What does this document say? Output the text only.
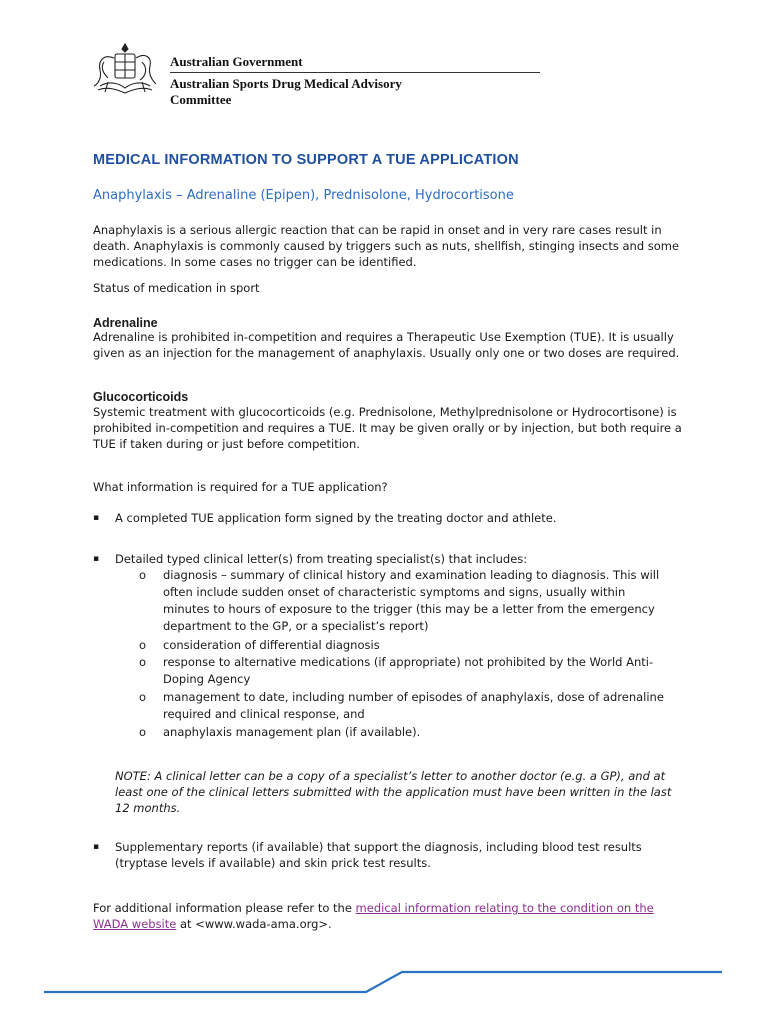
Australian Government
Australian Sports Drug Medical Advisory Committee
MEDICAL INFORMATION TO SUPPORT A TUE APPLICATION

Anaphylaxis – Adrenaline (Epipen), Prednisolone, Hydrocortisone

Anaphylaxis is a serious allergic reaction that can be rapid in onset and in very rare cases result in death. Anaphylaxis is commonly caused by triggers such as nuts, shellfish, stinging insects and some medications. In some cases no trigger can be identified.

Status of medication in sport

Adrenaline

Adrenaline is prohibited in-competition and requires a Therapeutic Use Exemption (TUE). It is usually given as an injection for the management of anaphylaxis. Usually only one or two doses are required.

Glucocorticoids

Systemic treatment with glucocorticoids (e.g. Prednisolone, Methylprednisolone or Hydrocortisone) is prohibited in-competition and requires a TUE. It may be given orally or by injection, but both require a TUE if taken during or just before competition.

What information is required for a TUE application?

▪ A completed TUE application form signed by the treating doctor and athlete.
▪ Detailed typed clinical letter(s) from treating specialist(s) that includes:
o diagnosis – summary of clinical history and examination leading to diagnosis. This will often include sudden onset of characteristic symptoms and signs, usually within minutes to hours of exposure to the trigger (this may be a letter from the emergency department to the GP, or a specialist’s report)
o consideration of differential diagnosis
o response to alternative medications (if appropriate) not prohibited by the World Anti-Doping Agency
o management to date, including number of episodes of anaphylaxis, dose of adrenaline required and clinical response, and
o anaphylaxis management plan (if available).

NOTE: A clinical letter can be a copy of a specialist’s letter to another doctor (e.g. a GP), and at least one of the clinical letters submitted with the application must have been written in the last 12 months.

▪ Supplementary reports (if available) that support the diagnosis, including blood test results (tryptase levels if available) and skin prick test results.

For additional information please refer to the medical information relating to the condition on the WADA website at <www.wada-ama.org>.
